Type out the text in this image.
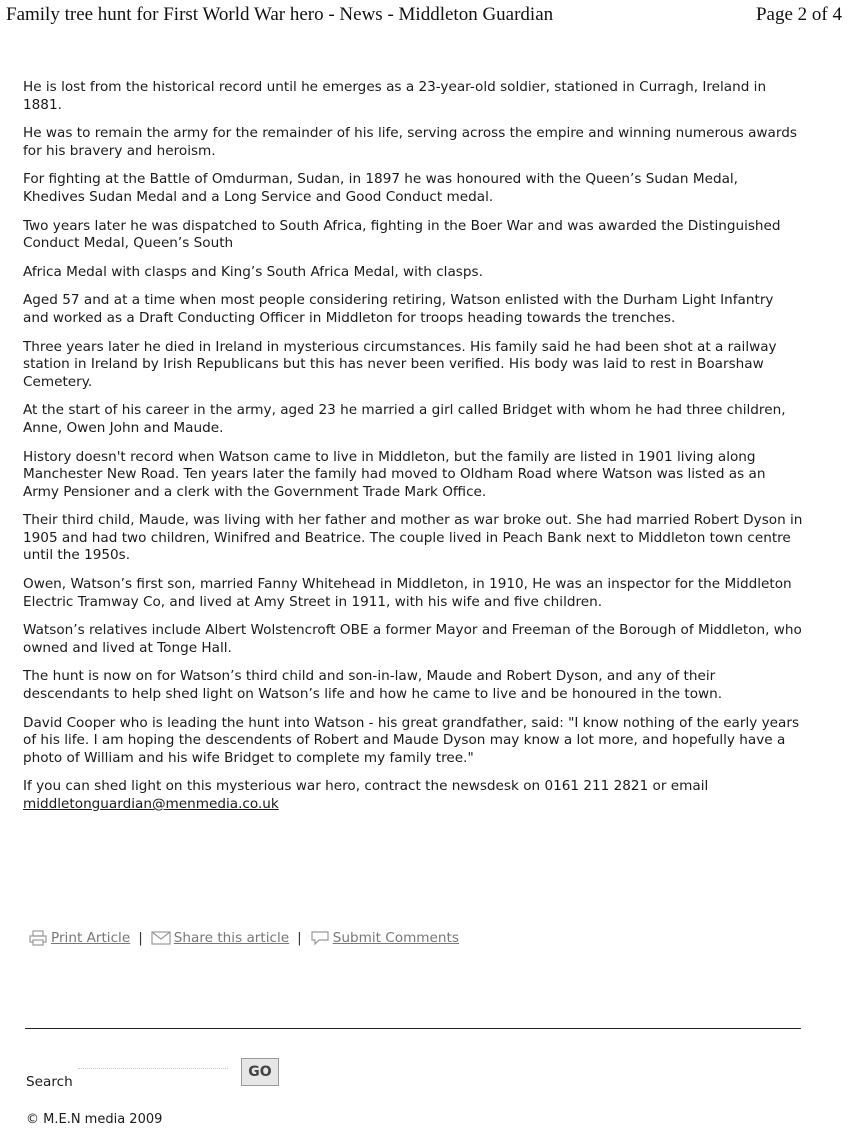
Family tree hunt for First World War hero - News - Middleton Guardian	Page 2 of 4

He is lost from the historical record until he emerges as a 23-year-old soldier, stationed in Curragh, Ireland in 1881.

He was to remain the army for the remainder of his life, serving across the empire and winning numerous awards for his bravery and heroism.

For fighting at the Battle of Omdurman, Sudan, in 1897 he was honoured with the Queen’s Sudan Medal, Khedives Sudan Medal and a Long Service and Good Conduct medal.

Two years later he was dispatched to South Africa, fighting in the Boer War and was awarded the Distinguished Conduct Medal, Queen’s South

Africa Medal with clasps and King’s South Africa Medal, with clasps.

Aged 57 and at a time when most people considering retiring, Watson enlisted with the Durham Light Infantry and worked as a Draft Conducting Officer in Middleton for troops heading towards the trenches.

Three years later he died in Ireland in mysterious circumstances. His family said he had been shot at a railway station in Ireland by Irish Republicans but this has never been verified. His body was laid to rest in Boarshaw Cemetery.

At the start of his career in the army, aged 23 he married a girl called Bridget with whom he had three children, Anne, Owen John and Maude.

History doesn't record when Watson came to live in Middleton, but the family are listed in 1901 living along Manchester New Road. Ten years later the family had moved to Oldham Road where Watson was listed as an Army Pensioner and a clerk with the Government Trade Mark Office.

Their third child, Maude, was living with her father and mother as war broke out. She had married Robert Dyson in 1905 and had two children, Winifred and Beatrice. The couple lived in Peach Bank next to Middleton town centre until the 1950s.

Owen, Watson’s first son, married Fanny Whitehead in Middleton, in 1910, He was an inspector for the Middleton Electric Tramway Co, and lived at Amy Street in 1911, with his wife and five children.

Watson’s relatives include Albert Wolstencroft OBE a former Mayor and Freeman of the Borough of Middleton, who owned and lived at Tonge Hall.

The hunt is now on for Watson’s third child and son-in-law, Maude and Robert Dyson, and any of their descendants to help shed light on Watson’s life and how he came to live and be honoured in the town.

David Cooper who is leading the hunt into Watson - his great grandfather, said: "I know nothing of the early years of his life. I am hoping the descendents of Robert and Maude Dyson may know a lot more, and hopefully have a photo of William and his wife Bridget to complete my family tree."

If you can shed light on this mysterious war hero, contract the newsdesk on 0161 211 2821 or email
middletonguardian@menmedia.co.uk

Print Article | Share this article | Submit Comments
Search
GO
© M.E.N media 2009
